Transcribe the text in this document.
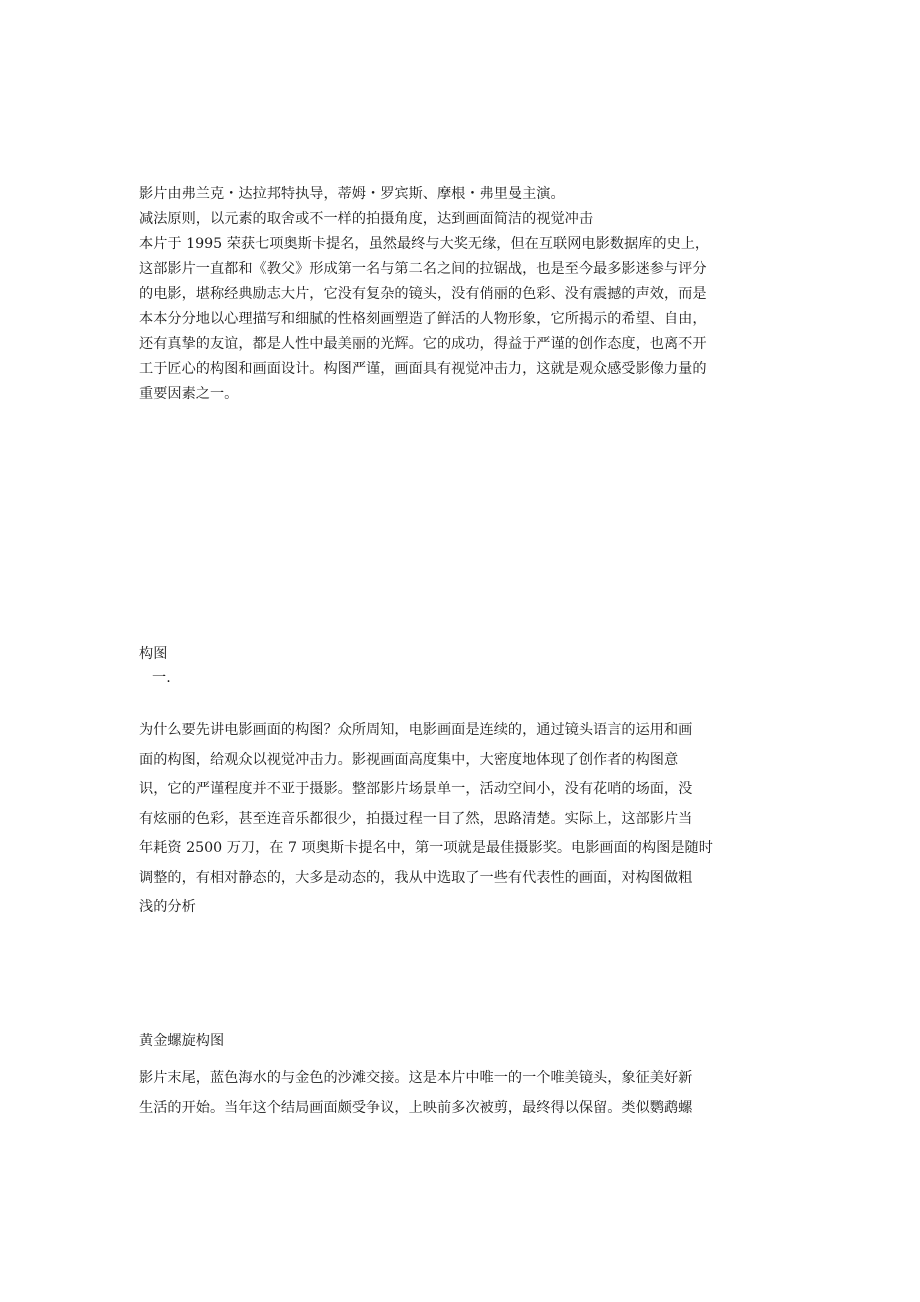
影片由弗兰克・达拉邦特执导，蒂姆・罗宾斯、摩根・弗里曼主演。
减法原则，以元素的取舍或不一样的拍摄角度，达到画面简洁的视觉冲击
本片于 1995 荣获七项奥斯卡提名，虽然最终与大奖无缘，但在互联网电影数据库的史上，
这部影片一直都和《教父》形成第一名与第二名之间的拉锯战，也是至今最多影迷参与评分
的电影，堪称经典励志大片，它没有复杂的镜头，没有俏丽的色彩、没有震撼的声效，而是
本本分分地以心理描写和细腻的性格刻画塑造了鲜活的人物形象，它所揭示的希望、自由，
还有真挚的友谊，都是人性中最美丽的光辉。它的成功，得益于严谨的创作态度，也离不开
工于匠心的构图和画面设计。构图严谨，画面具有视觉冲击力，这就是观众感受影像力量的
重要因素之一。
构图
一.
为什么要先讲电影画面的构图？众所周知，电影画面是连续的，通过镜头语言的运用和画
面的构图，给观众以视觉冲击力。影视画面高度集中，大密度地体现了创作者的构图意
识，它的严谨程度并不亚于摄影。整部影片场景单一，活动空间小，没有花哨的场面，没
有炫丽的色彩，甚至连音乐都很少，拍摄过程一目了然，思路清楚。实际上，这部影片当
年耗资 2500 万刀，在 7 项奥斯卡提名中，第一项就是最佳摄影奖。电影画面的构图是随时
调整的，有相对静态的，大多是动态的，我从中选取了一些有代表性的画面，对构图做粗
浅的分析
黄金螺旋构图
影片末尾，蓝色海水的与金色的沙滩交接。这是本片中唯一的一个唯美镜头，象征美好新
生活的开始。当年这个结局画面颇受争议，上映前多次被剪，最终得以保留。类似鹦鹉螺
